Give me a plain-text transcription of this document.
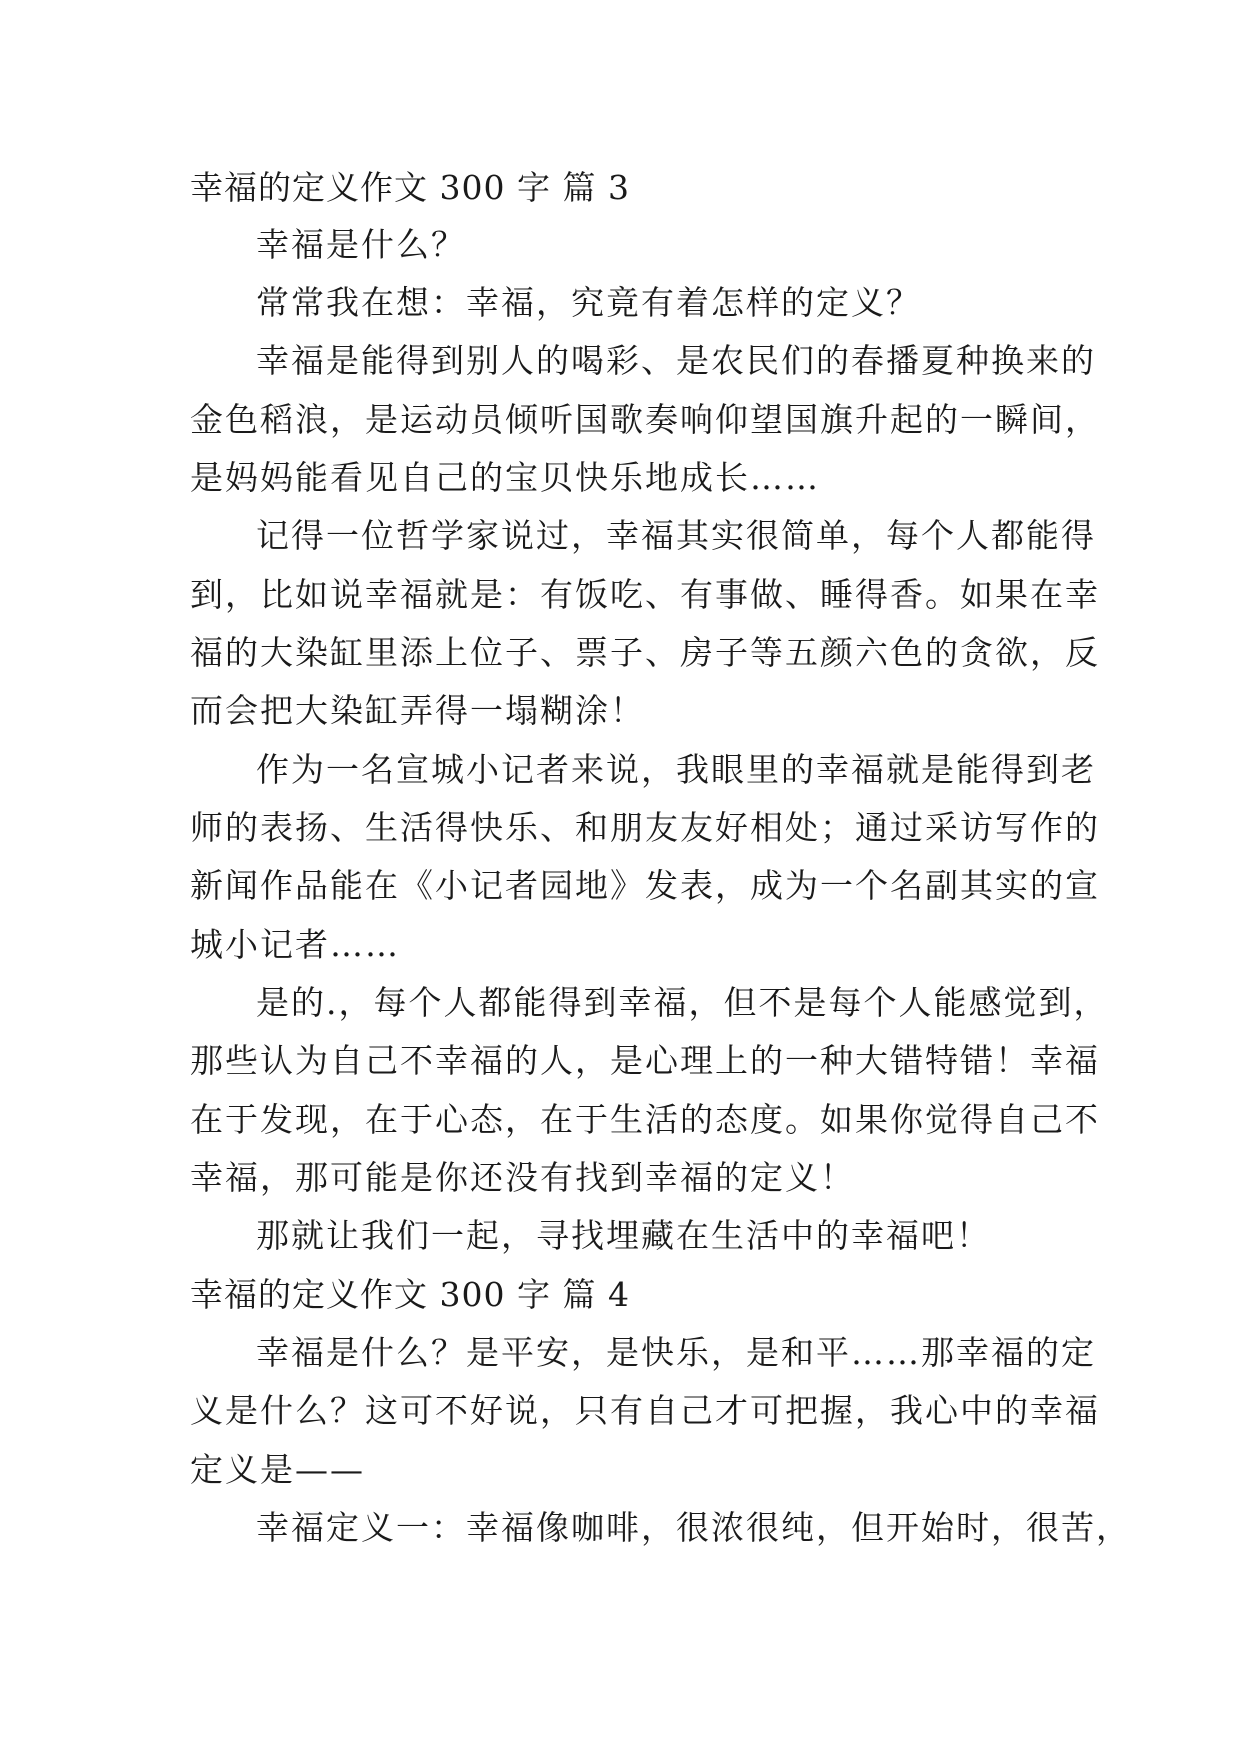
幸福的定义作文 300 字 篇 3

幸福是什么？

常常我在想：幸福，究竟有着怎样的定义？

幸福是能得到别人的喝彩、是农民们的春播夏种换来的

金色稻浪，是运动员倾听国歌奏响仰望国旗升起的一瞬间，

是妈妈能看见自己的宝贝快乐地成长……

记得一位哲学家说过，幸福其实很简单，每个人都能得

到，比如说幸福就是：有饭吃、有事做、睡得香。如果在幸

福的大染缸里添上位子、票子、房子等五颜六色的贪欲，反

而会把大染缸弄得一塌糊涂！

作为一名宣城小记者来说，我眼里的幸福就是能得到老

师的表扬、生活得快乐、和朋友友好相处；通过采访写作的

新闻作品能在《小记者园地》发表，成为一个名副其实的宣

城小记者……

是的.，每个人都能得到幸福，但不是每个人能感觉到，

那些认为自己不幸福的人，是心理上的一种大错特错！幸福

在于发现，在于心态，在于生活的态度。如果你觉得自己不

幸福，那可能是你还没有找到幸福的定义！

那就让我们一起，寻找埋藏在生活中的幸福吧！

幸福的定义作文 300 字 篇 4

幸福是什么？是平安，是快乐，是和平……那幸福的定

义是什么？这可不好说，只有自己才可把握，我心中的幸福

定义是——

幸福定义一：幸福像咖啡，很浓很纯，但开始时，很苦，
